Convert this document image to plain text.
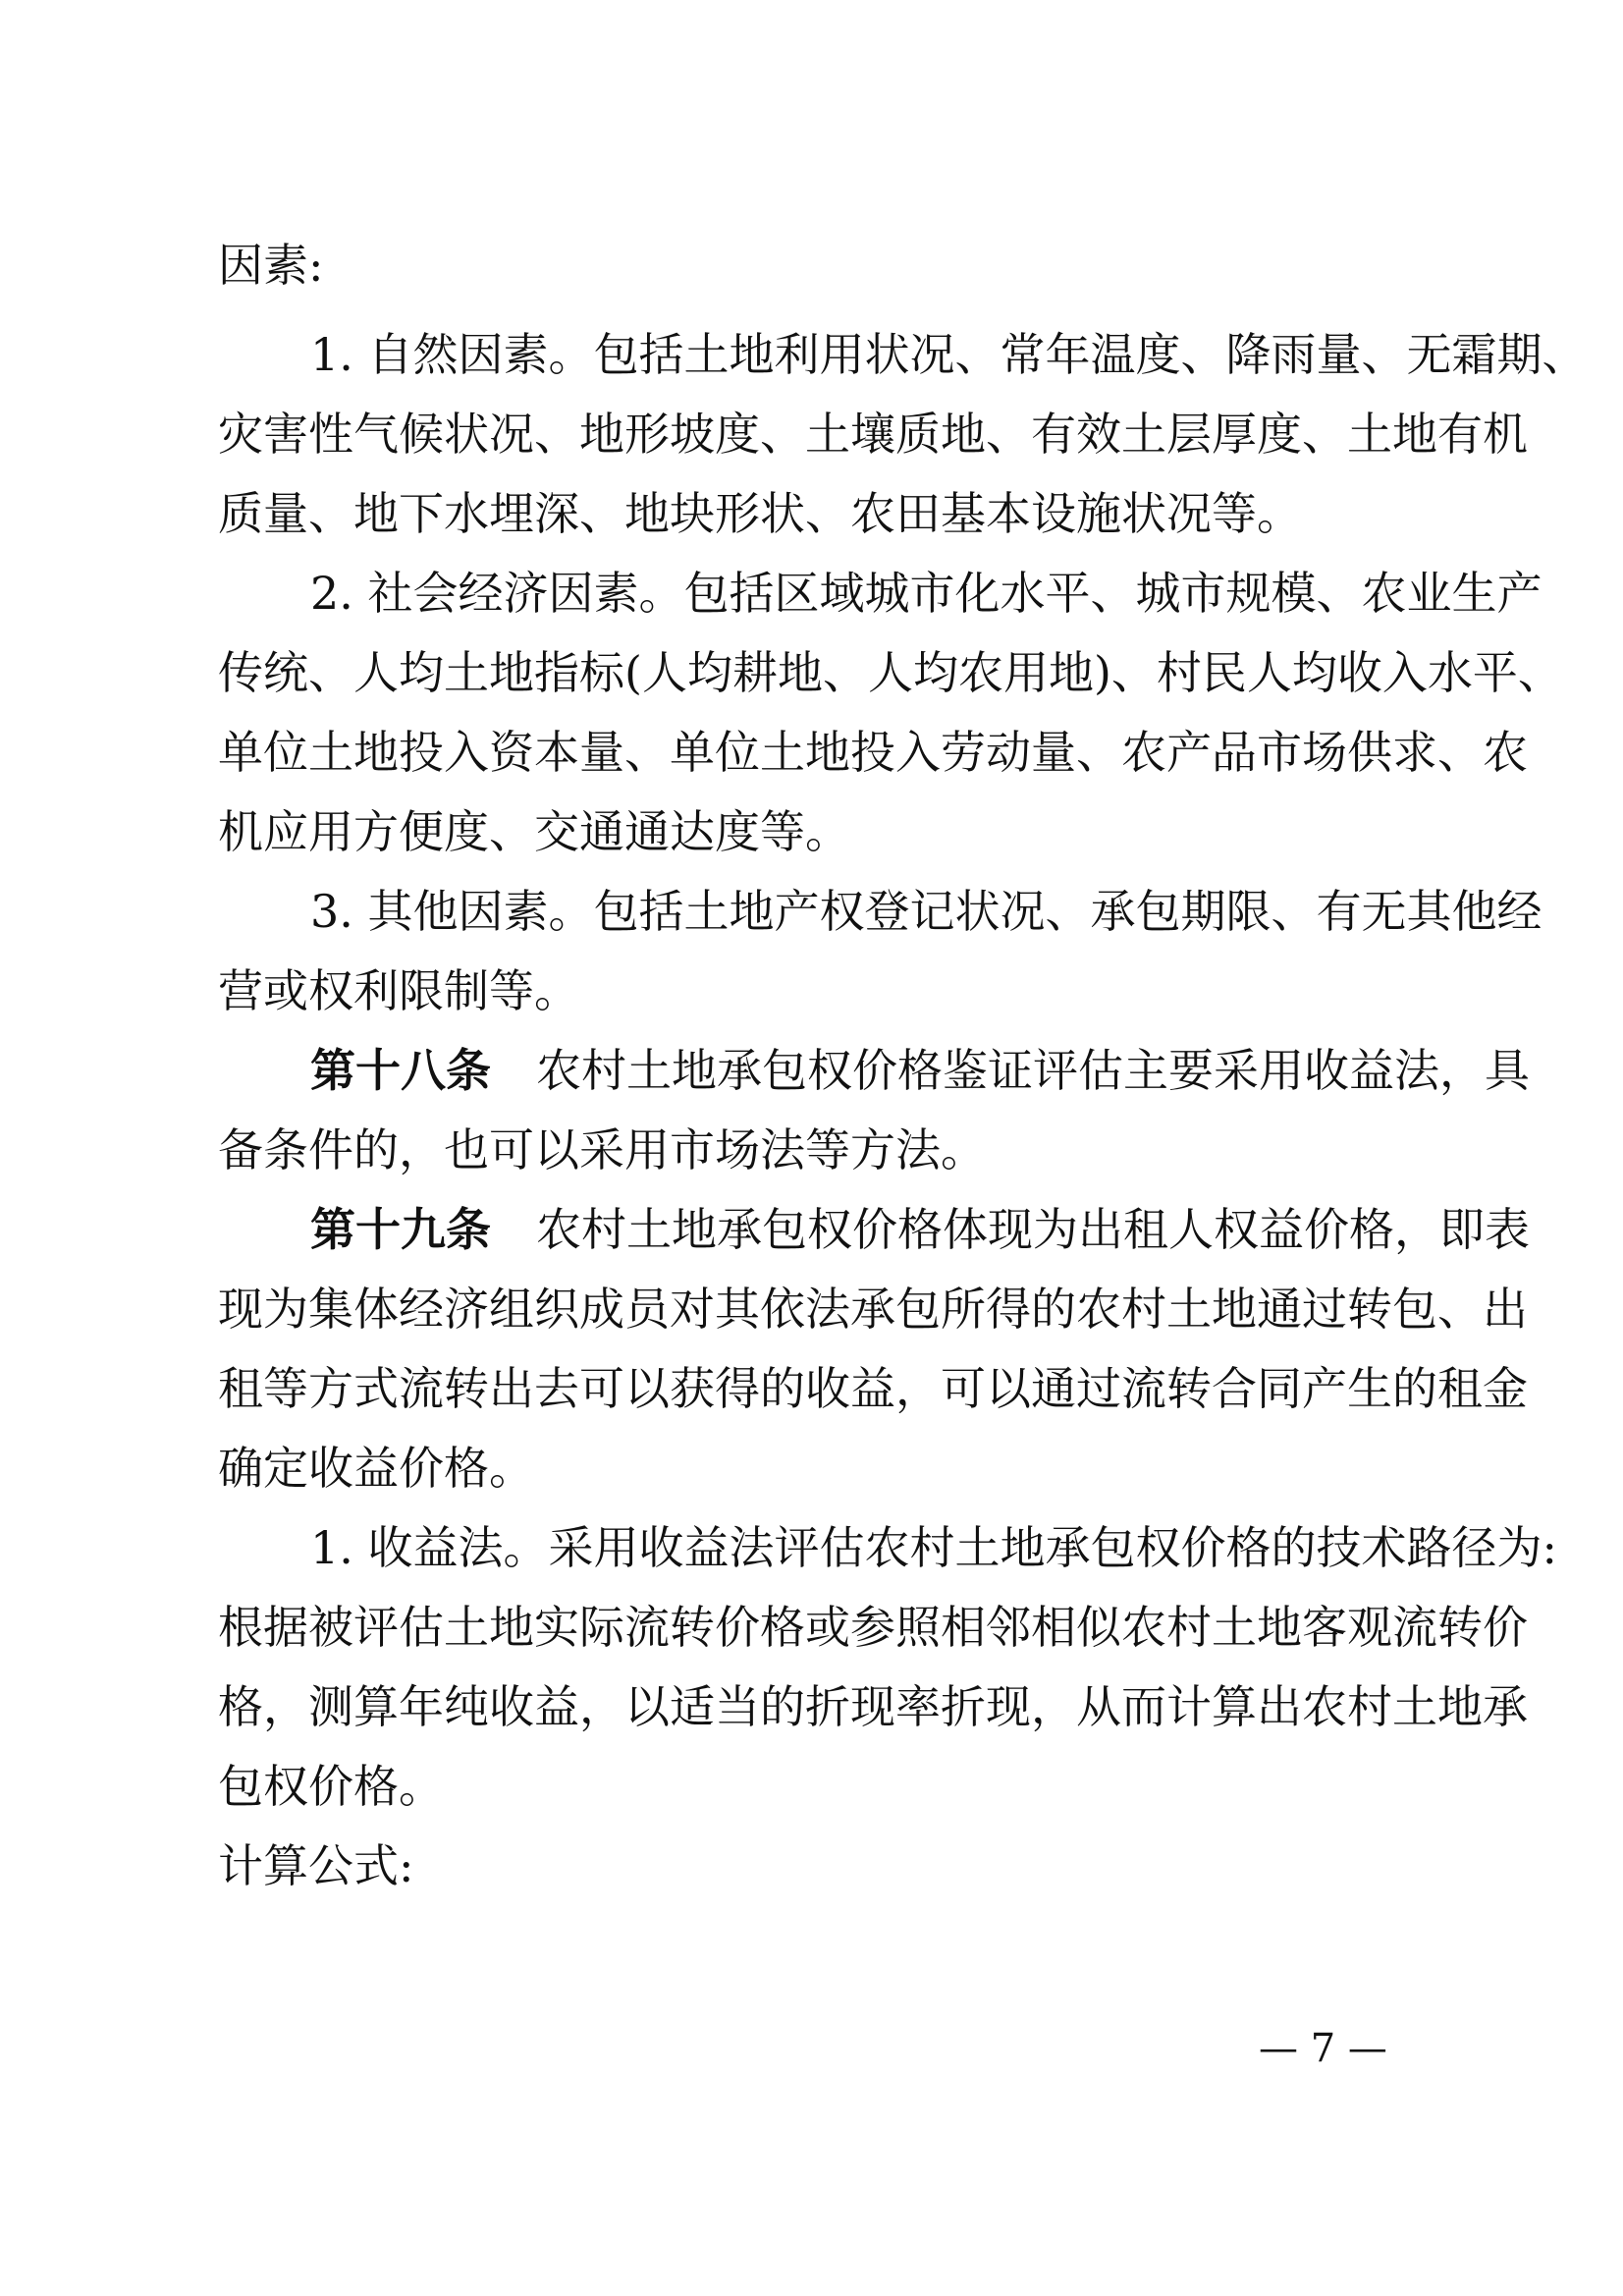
因素:
1. 自然因素。包括土地利用状况、常年温度、降雨量、无霜期、
灾害性气候状况、地形坡度、土壤质地、有效土层厚度、土地有机
质量、地下水埋深、地块形状、农田基本设施状况等。
2. 社会经济因素。包括区域城市化水平、城市规模、农业生产
传统、人均土地指标(人均耕地、人均农用地)、村民人均收入水平、
单位土地投入资本量、单位土地投入劳动量、农产品市场供求、农
机应用方便度、交通通达度等。
3. 其他因素。包括土地产权登记状况、承包期限、有无其他经
营或权利限制等。
第十八条 农村土地承包权价格鉴证评估主要采用收益法，具
备条件的，也可以采用市场法等方法。
第十九条 农村土地承包权价格体现为出租人权益价格，即表
现为集体经济组织成员对其依法承包所得的农村土地通过转包、出
租等方式流转出去可以获得的收益，可以通过流转合同产生的租金
确定收益价格。
1. 收益法。采用收益法评估农村土地承包权价格的技术路径为:
根据被评估土地实际流转价格或参照相邻相似农村土地客观流转价
格，测算年纯收益，以适当的折现率折现，从而计算出农村土地承
包权价格。
计算公式:
— 7 —
